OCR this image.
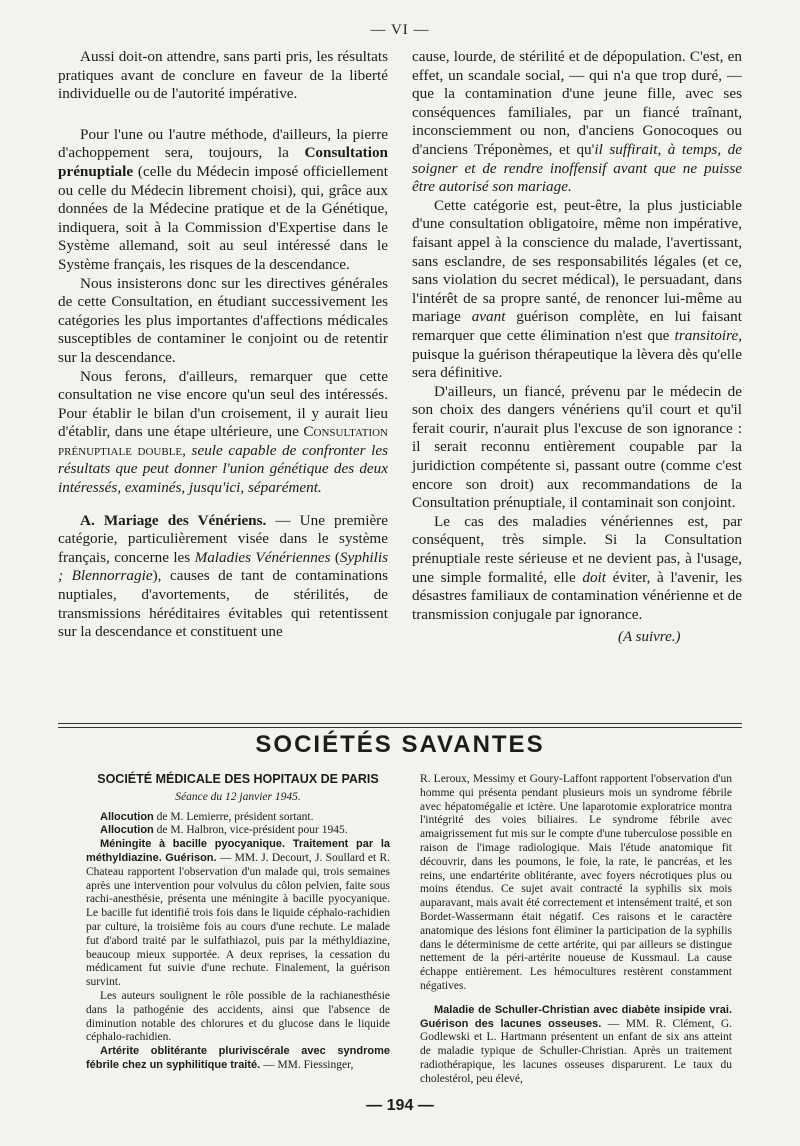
— VI —

Aussi doit-on attendre, sans parti pris, les résultats pratiques avant de conclure en faveur de la liberté individuelle ou de l'autorité impérative.

Pour l'une ou l'autre méthode, d'ailleurs, la pierre d'achoppement sera, toujours, la Consultation prénuptiale (celle du Médecin imposé officiellement ou celle du Médecin librement choisi), qui, grâce aux données de la Médecine pratique et de la Génétique, indiquera, soit à la Commission d'Expertise dans le Système allemand, soit au seul intéressé dans le Système français, les risques de la descendance.

Nous insisterons donc sur les directives générales de cette Consultation, en étudiant successivement les catégories les plus importantes d'affections médicales susceptibles de contaminer le conjoint ou de retentir sur la descendance.

Nous ferons, d'ailleurs, remarquer que cette consultation ne vise encore qu'un seul des intéressés. Pour établir le bilan d'un croisement, il y aurait lieu d'établir, dans une étape ultérieure, une Consultation prénuptiale double, seule capable de confronter les résultats que peut donner l'union génétique des deux intéressés, examinés, jusqu'ici, séparément.

A. Mariage des Vénériens. — Une première catégorie, particulièrement visée dans le système français, concerne les Maladies Vénériennes (Syphilis ; Blennorragie), causes de tant de contaminations nuptiales, d'avortements, de stérilités, de transmissions héréditaires évitables qui retentissent sur la descendance et constituent une

cause, lourde, de stérilité et de dépopulation. C'est, en effet, un scandale social, — qui n'a que trop duré, — que la contamination d'une jeune fille, avec ses conséquences familiales, par un fiancé traînant, inconsciemment ou non, d'anciens Gonocoques ou d'anciens Tréponèmes, et qu'il suffirait, à temps, de soigner et de rendre inoffensif avant que ne puisse être autorisé son mariage.

Cette catégorie est, peut-être, la plus justiciable d'une consultation obligatoire, même non impérative, faisant appel à la conscience du malade, l'avertissant, sans esclandre, de ses responsabilités légales (et ce, sans violation du secret médical), le persuadant, dans l'intérêt de sa propre santé, de renoncer lui-même au mariage avant guérison complète, en lui faisant remarquer que cette élimination n'est que transitoire, puisque la guérison thérapeutique la lèvera dès qu'elle sera définitive.

D'ailleurs, un fiancé, prévenu par le médecin de son choix des dangers vénériens qu'il court et qu'il ferait courir, n'aurait plus l'excuse de son ignorance : il serait reconnu entièrement coupable par la juridiction compétente si, passant outre (comme c'est encore son droit) aux recommandations de la Consultation prénuptiale, il contaminait son conjoint.

Le cas des maladies vénériennes est, par conséquent, très simple. Si la Consultation prénuptiale reste sérieuse et ne devient pas, à l'usage, une simple formalité, elle doit éviter, à l'avenir, les désastres familiaux de contamination vénérienne et de transmission conjugale par ignorance.

(A suivre.)
SOCIÉTÉS SAVANTES
SOCIÉTÉ MÉDICALE DES HOPITAUX DE PARIS
Séance du 12 janvier 1945.

Allocution de M. Lemierre, président sortant.

Allocution de M. Halbron, vice-président pour 1945.

Méningite à bacille pyocyanique. Traitement par la méthyldiazine. Guérison. — MM. J. Decourt, J. Soullard et R. Chateau rapportent l'observation d'un malade qui, trois semaines après une intervention pour volvulus du côlon pelvien, faite sous rachi-anesthésie, présenta une méningite à bacille pyocyanique. Le bacille fut identifié trois fois dans le liquide céphalo-rachidien par culture, la troisième fois au cours d'une rechute. Le malade fut d'abord traité par le sulfathiazol, puis par la méthyldiazine, beaucoup mieux supportée. A deux reprises, la cessation du médicament fut suivie d'une rechute. Finalement, la guérison survint.

Les auteurs soulignent le rôle possible de la rachianesthésie dans la pathogénie des accidents, ainsi que l'absence de diminution notable des chlorures et du glucose dans le liquide céphalo-rachidien.

Artérite oblitérante pluriviscérale avec syndrome fébrile chez un syphilitique traité. — MM. Fiessinger,

R. Leroux, Messimy et Goury-Laffont rapportent l'observation d'un homme qui présenta pendant plusieurs mois un syndrome fébrile avec hépatomégalie et ictère. Une laparotomie exploratrice montra l'intégrité des voies biliaires. Le syndrome fébrile avec amaigrissement fut mis sur le compte d'une tuberculose possible en raison de l'image radiologique. Mais l'étude anatomique fit découvrir, dans les poumons, le foie, la rate, le pancréas, et les reins, une endartérite oblitérante, avec foyers nécrotiques plus ou moins étendus. Ce sujet avait contracté la syphilis six mois auparavant, mais avait été correctement et intensément traité, et son Bordet-Wassermann était négatif. Ces raisons et le caractère anatomique des lésions font éliminer la participation de la syphilis dans le déterminisme de cette artérite, qui par ailleurs se distingue nettement de la péri-artérite noueuse de Kussmaul. La cause échappe entièrement. Les hémocultures restèrent constamment négatives.

Maladie de Schuller-Christian avec diabète insipide vrai. Guérison des lacunes osseuses. — MM. R. Clément, G. Godlewski et L. Hartmann présentent un enfant de six ans atteint de maladie typique de Schuller-Christian. Après un traitement radiothérapique, les lacunes osseuses disparurent. Le taux du cholestérol, peu élevé,

— 194 —
